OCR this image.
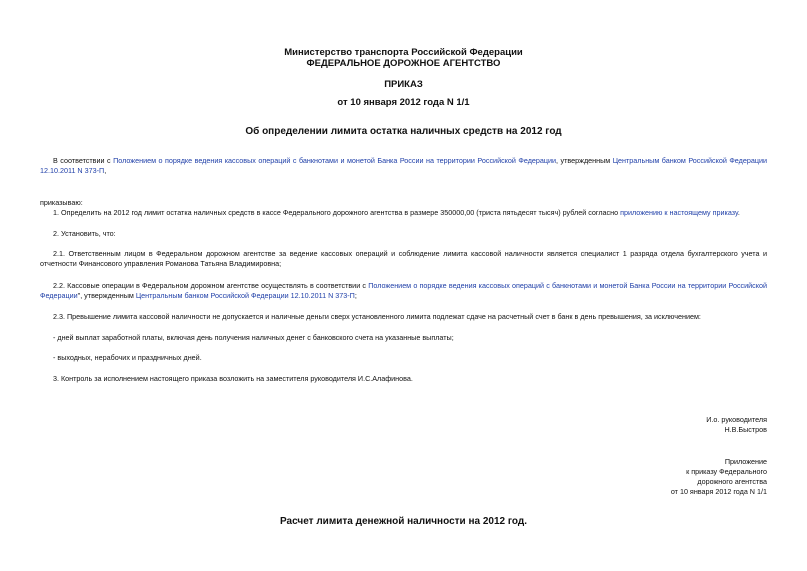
Министерство транспорта Российской Федерации
ФЕДЕРАЛЬНОЕ ДОРОЖНОЕ АГЕНТСТВО
ПРИКАЗ
от 10 января 2012 года N 1/1
Об определении лимита остатка наличных средств на 2012 год
В соответствии с Положением о порядке ведения кассовых операций с банкнотами и монетой Банка России на территории Российской Федерации, утвержденным Центральным банком Российской Федерации 12.10.2011 N 373-П,
приказываю:
1. Определить на 2012 год лимит остатка наличных средств в кассе Федерального дорожного агентства в размере 350000,00 (триста пятьдесят тысяч) рублей согласно приложению к настоящему приказу.
2. Установить, что:
2.1. Ответственным лицом в Федеральном дорожном агентстве за ведение кассовых операций и соблюдение лимита кассовой наличности является специалист 1 разряда отдела бухгалтерского учета и отчетности Финансового управления Романова Татьяна Владимировна;
2.2. Кассовые операции в Федеральном дорожном агентстве осуществлять в соответствии с Положением о порядке ведения кассовых операций с банкнотами и монетой Банка России на территории Российской Федерации", утвержденным Центральным банком Российской Федерации 12.10.2011 N 373-П;
2.3. Превышение лимита кассовой наличности не допускается и наличные деньги сверх установленного лимита подлежат сдаче на расчетный счет в банк в день превышения, за исключением:
- дней выплат заработной платы, включая день получения наличных денег с банковского счета на указанные выплаты;
- выходных, нерабочих и праздничных дней.
3. Контроль за исполнением настоящего приказа возложить на заместителя руководителя И.С.Алафинова.
И.о. руководителя
Н.В.Быстров
Приложение
к приказу Федерального
дорожного агентства
от 10 января 2012 года N 1/1
Расчет лимита денежной наличности на 2012 год.
